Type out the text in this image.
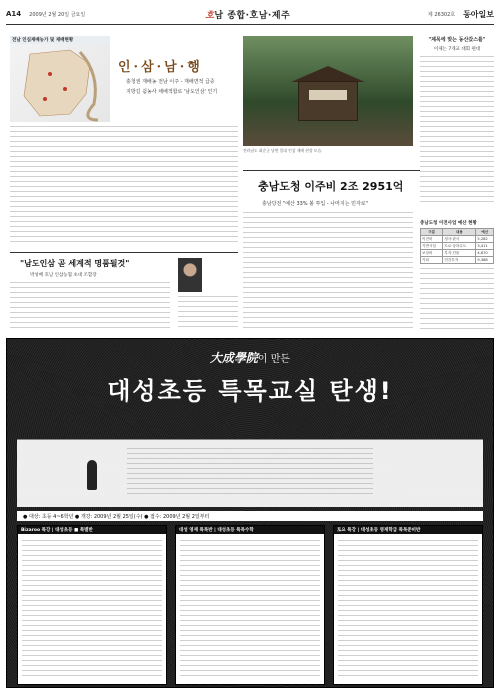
A14 2009년 2월 20일 금요일	호남 종합·호남·제주	제 26302호 동아일보
전남 인심재배농가 및 재배현황
인·삼·남·행
충청권 재배농 전남 이주 - 재배면적 급증
지방길 쉼농사 채배적합로 '남도인삼' 인기
전라남도 화순군 남면 일대 인삼 재배 현장 모습.
"제목에 맞는 동산갔스를"
이제는 7개교 대회 편대
충남도청 이주비 2조 2951억
충남당전 "예산 33% 볼 투입 - 나머지는 민자로"
"남도인삼 곧 세계적 명품될것"
박성배 호남 인삼농협 초대 조합장
충남도청 이전사업 예산 현황
구분	내용	예산
이전비	청사·관사	5,282
기반시설	도로·상하수도	3,411
보상비	부지·건물	4,870
기타	민간투자	9,388
大成學院이 만든
대성초등 특목교실 탄생!
● 대상: 초등 4~6학년 ● 개강: 2009년 2월 25일(수) ● 접수: 2009년 2월 2일부터
Bizaroo 특강 | 대성초등 ■ 특별반	대성 영재 특목반 | 대성초등 특목수학	토요 특강 | 대성초등 영재학급 특목준비반
